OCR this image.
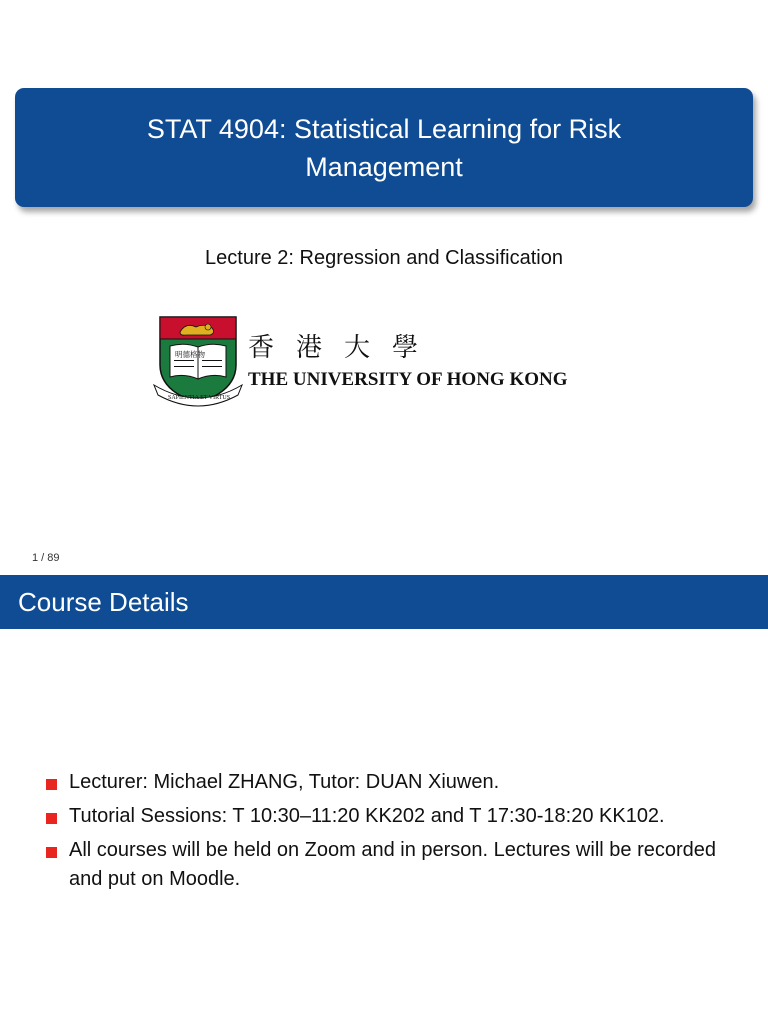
STAT 4904: Statistical Learning for Risk Management
Lecture 2: Regression and Classification
明德格物
SAPIENTIA ET VIRTUS
香港大學
THE UNIVERSITY OF HONG KONG
1 / 89
Course Details
Lecturer: Michael ZHANG, Tutor: DUAN Xiuwen.
Tutorial Sessions: T 10:30–11:20 KK202 and T 17:30-18:20 KK102.
All courses will be held on Zoom and in person. Lectures will be recorded and put on Moodle.
